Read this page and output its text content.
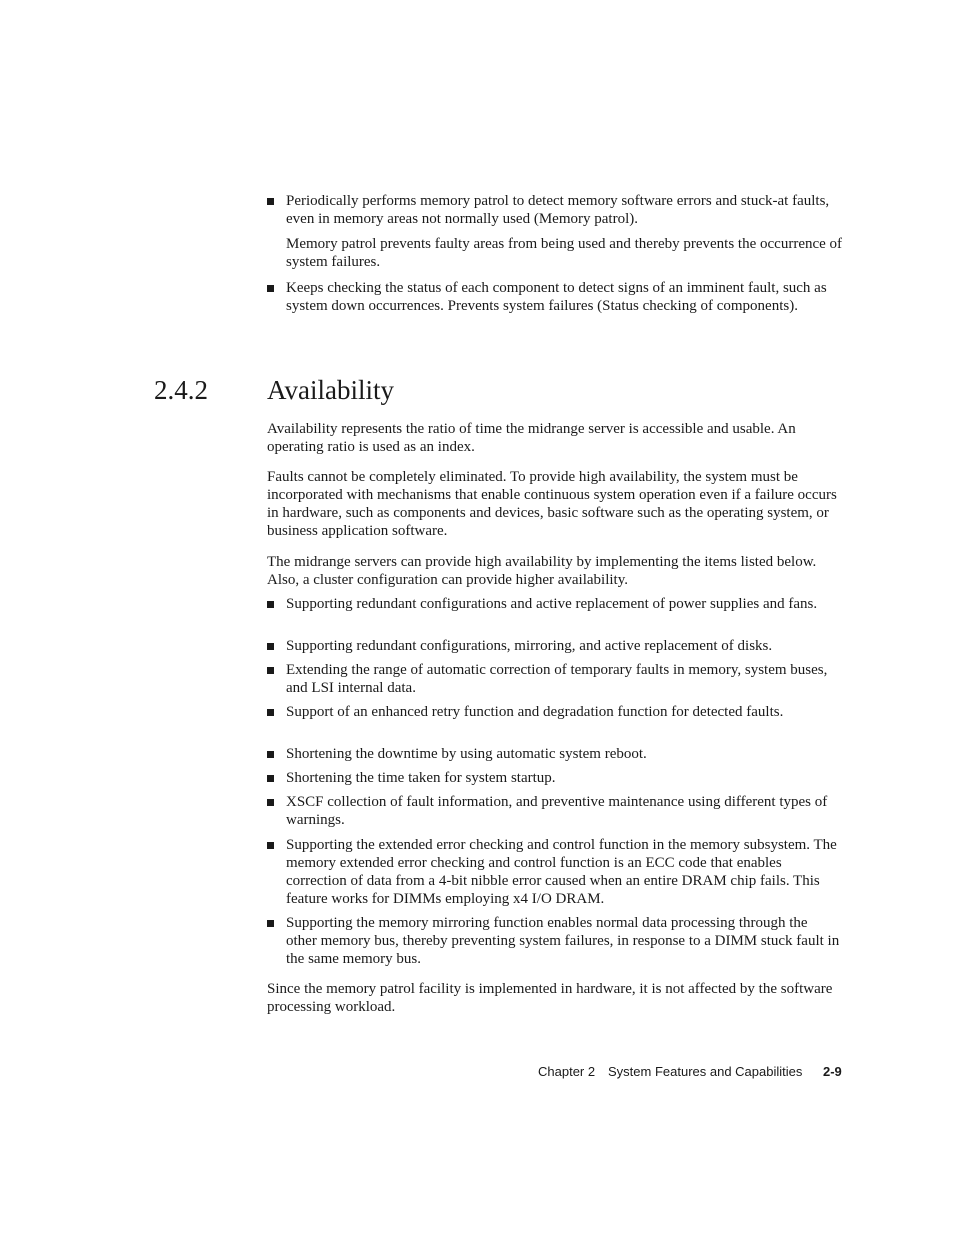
Periodically performs memory patrol to detect memory software errors and stuck-at faults, even in memory areas not normally used (Memory patrol).

Memory patrol prevents faulty areas from being used and thereby prevents the occurrence of system failures.

Keeps checking the status of each component to detect signs of an imminent fault, such as system down occurrences. Prevents system failures (Status checking of components).
2.4.2 Availability

Availability represents the ratio of time the midrange server is accessible and usable. An operating ratio is used as an index.

Faults cannot be completely eliminated. To provide high availability, the system must be incorporated with mechanisms that enable continuous system operation even if a failure occurs in hardware, such as components and devices, basic software such as the operating system, or business application software.

The midrange servers can provide high availability by implementing the items listed below. Also, a cluster configuration can provide higher availability.

Supporting redundant configurations and active replacement of power supplies and fans.
Supporting redundant configurations, mirroring, and active replacement of disks.
Extending the range of automatic correction of temporary faults in memory, system buses, and LSI internal data.
Support of an enhanced retry function and degradation function for detected faults.
Shortening the downtime by using automatic system reboot.
Shortening the time taken for system startup.
XSCF collection of fault information, and preventive maintenance using different types of warnings.
Supporting the extended error checking and control function in the memory subsystem. The memory extended error checking and control function is an ECC code that enables correction of data from a 4-bit nibble error caused when an entire DRAM chip fails. This feature works for DIMMs employing x4 I/O DRAM.
Supporting the memory mirroring function enables normal data processing through the other memory bus, thereby preventing system failures, in response to a DIMM stuck fault in the same memory bus.

Since the memory patrol facility is implemented in hardware, it is not affected by the software processing workload.

Chapter 2 System Features and Capabilities 2-9
